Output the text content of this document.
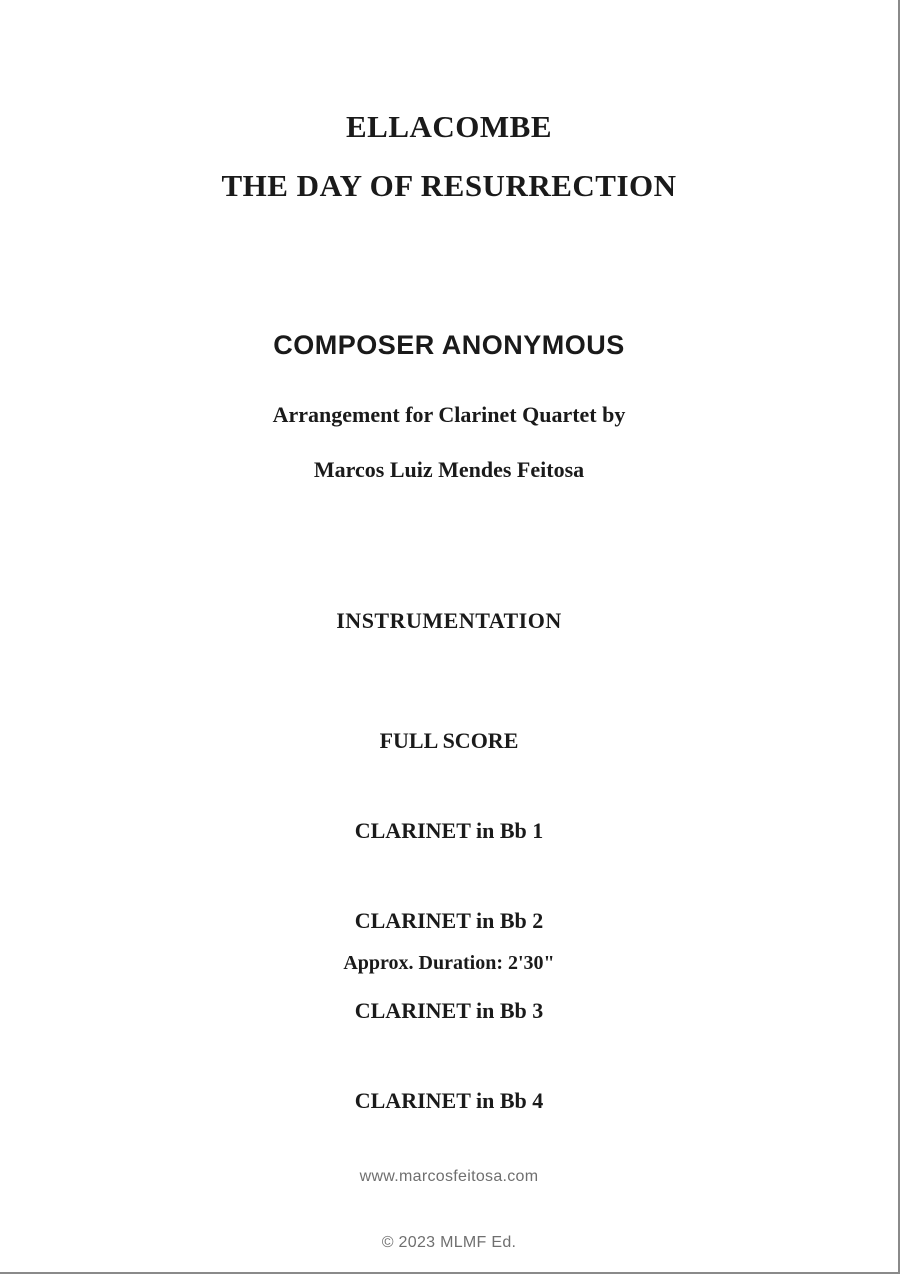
ELLACOMBE
THE DAY OF RESURRECTION
COMPOSER ANONYMOUS
Arrangement for Clarinet Quartet by
Marcos Luiz Mendes Feitosa
INSTRUMENTATION

FULL SCORE

CLARINET in Bb 1

CLARINET in Bb 2

CLARINET in Bb 3

CLARINET in Bb 4

Approx. Duration: 2'30"

www.marcosfeitosa.com

© 2023 MLMF Ed.
